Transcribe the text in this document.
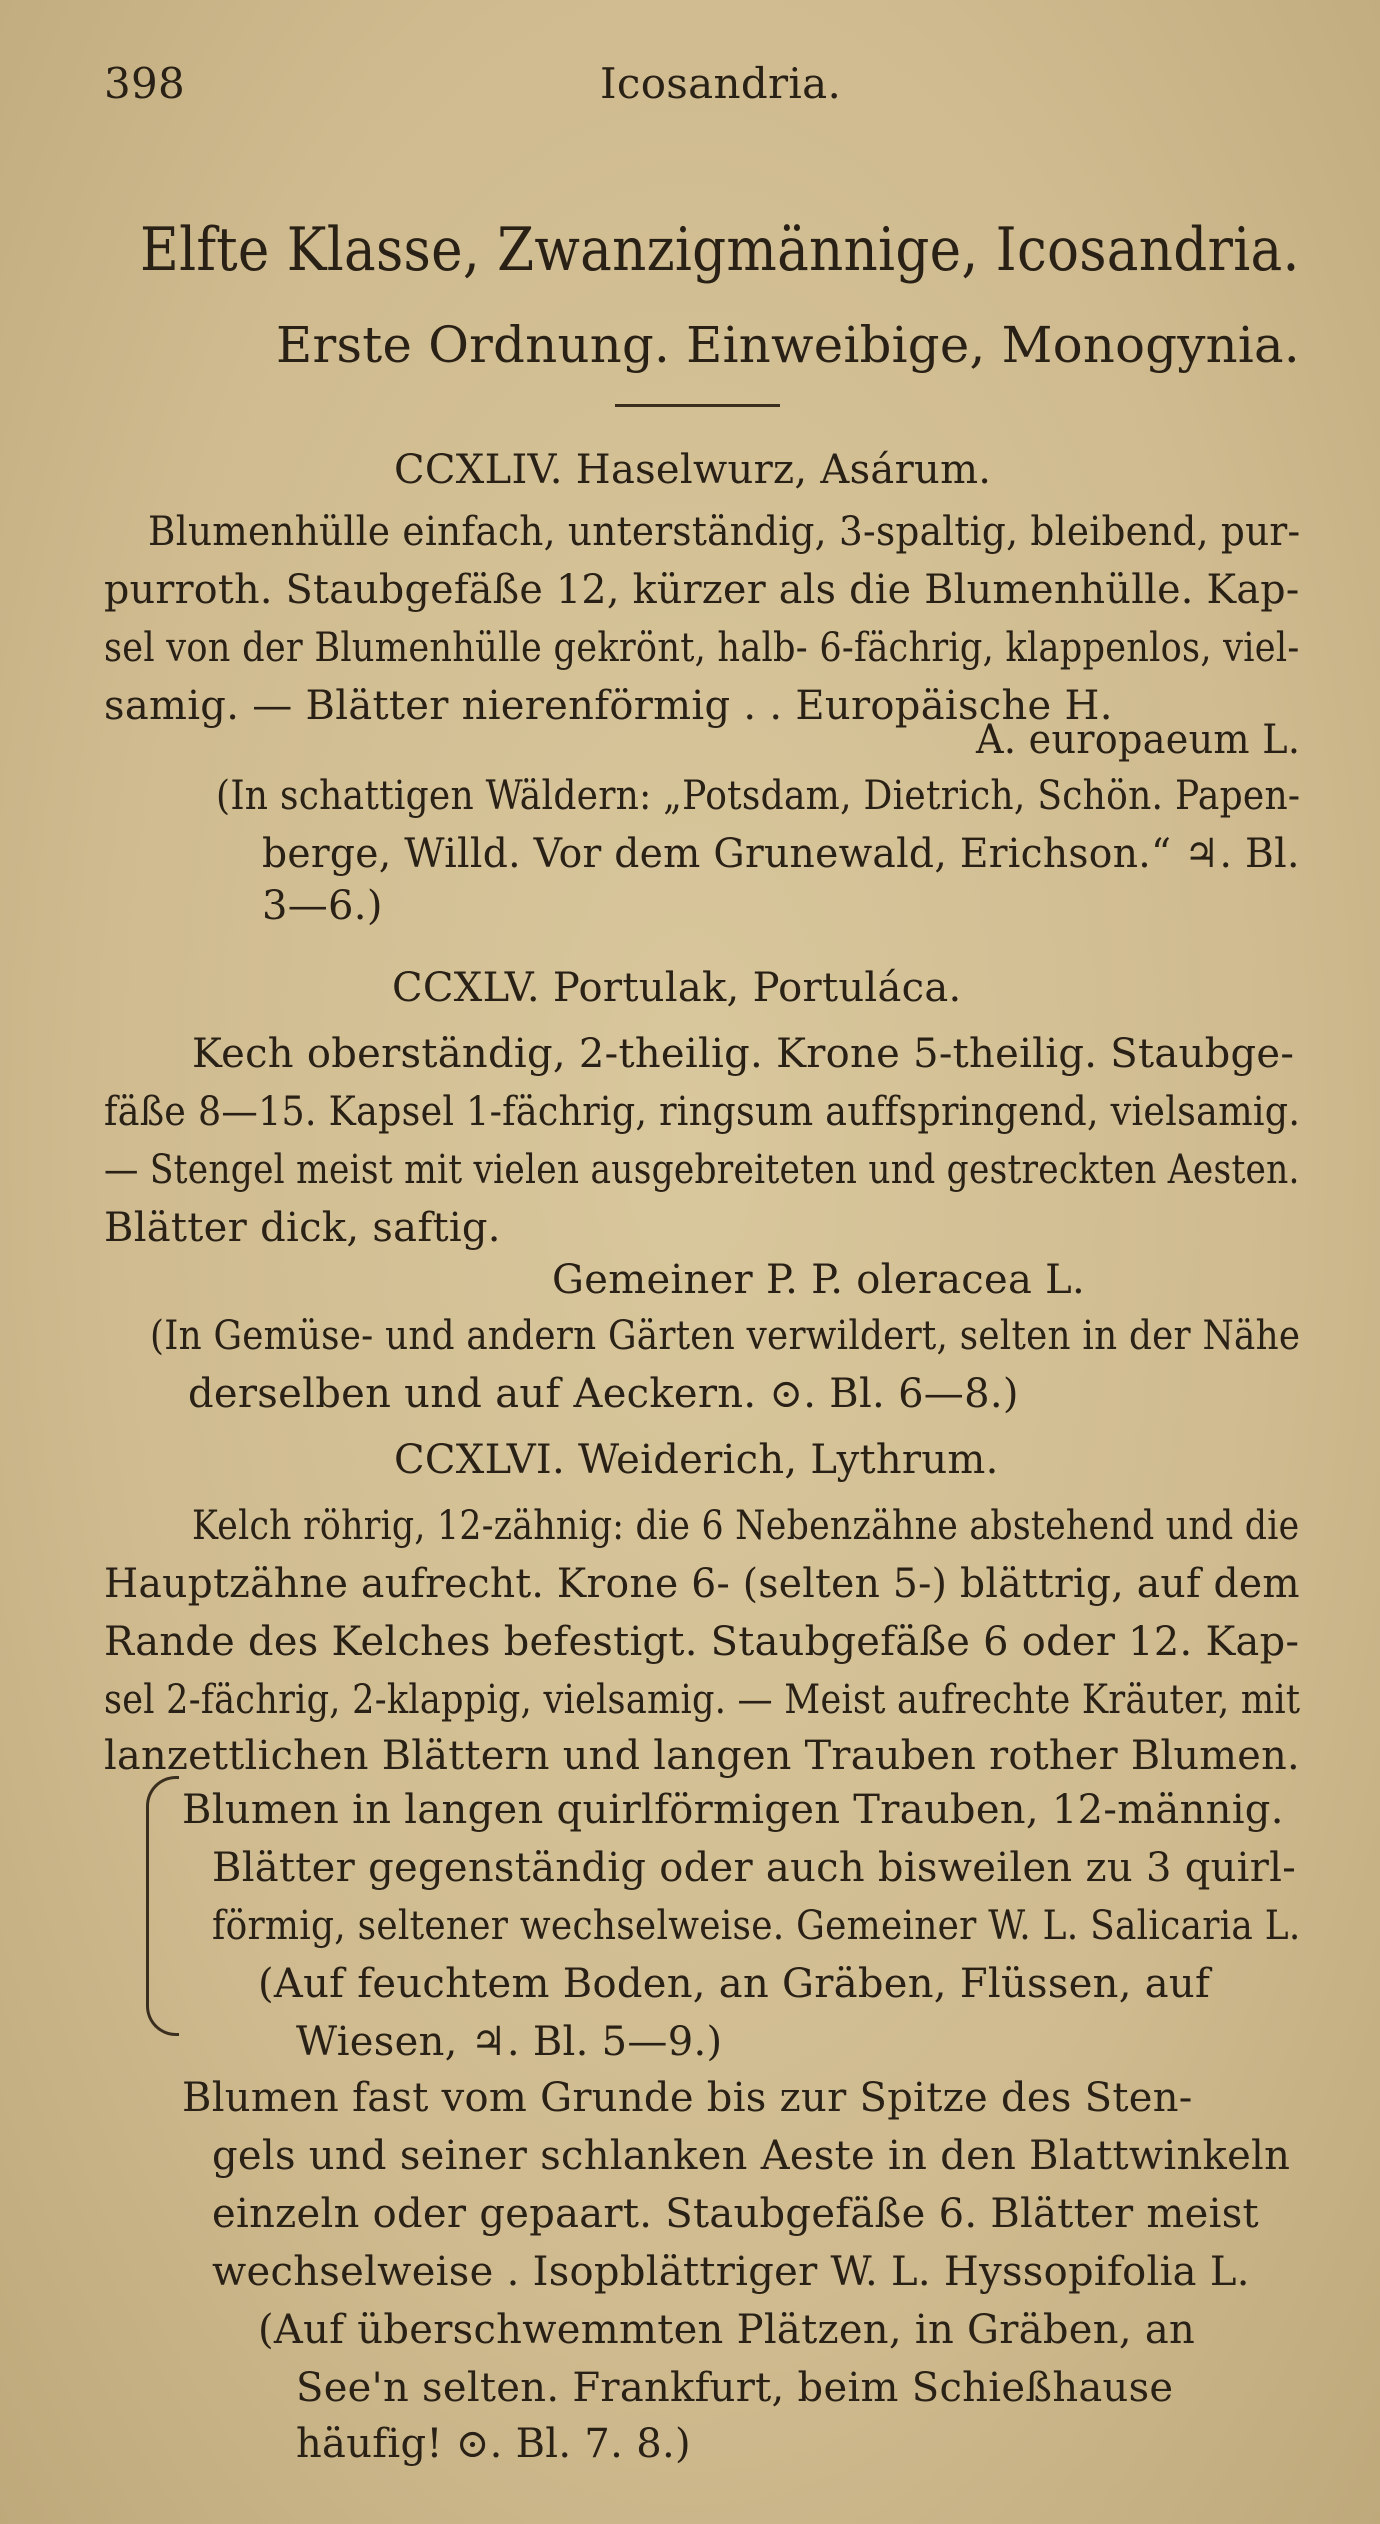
398	Icosandria.
Elfte Klasse, Zwanzigmännige, Icosandria.
Erste Ordnung. Einweibige, Monogynia.
CCXLIV. Haselwurz, Asárum.
Blumenhülle einfach, unterständig, 3-spaltig, bleibend, pur-
purroth. Staubgefäße 12, kürzer als die Blumenhülle. Kap-
sel von der Blumenhülle gekrönt, halb- 6-fächrig, klappenlos, viel-
samig. — Blätter nierenförmig . . Europäische H.
A. europaeum L.
(In schattigen Wäldern: „Potsdam, Dietrich, Schön. Papen-
berge, Willd. Vor dem Grunewald, Erichson.“ ♃. Bl.
3—6.)
CCXLV. Portulak, Portuláca.
Kech oberständig, 2-theilig. Krone 5-theilig. Staubge-
fäße 8—15. Kapsel 1-fächrig, ringsum auffspringend, vielsamig.
— Stengel meist mit vielen ausgebreiteten und gestreckten Aesten.
Blätter dick, saftig.
Gemeiner P. P. oleracea L.
(In Gemüse- und andern Gärten verwildert, selten in der Nähe
derselben und auf Aeckern. ⊙. Bl. 6—8.)
CCXLVI. Weiderich, Lythrum.
Kelch röhrig, 12-zähnig: die 6 Nebenzähne abstehend und die
Hauptzähne aufrecht. Krone 6- (selten 5-) blättrig, auf dem
Rande des Kelches befestigt. Staubgefäße 6 oder 12. Kap-
sel 2-fächrig, 2-klappig, vielsamig. — Meist aufrechte Kräuter, mit
lanzettlichen Blättern und langen Trauben rother Blumen.
Blumen in langen quirlförmigen Trauben, 12-männig.
Blätter gegenständig oder auch bisweilen zu 3 quirl-
förmig, seltener wechselweise. Gemeiner W. L. Salicaria L.
(Auf feuchtem Boden, an Gräben, Flüssen, auf
Wiesen, ♃. Bl. 5—9.)
Blumen fast vom Grunde bis zur Spitze des Sten-
gels und seiner schlanken Aeste in den Blattwinkeln
einzeln oder gepaart. Staubgefäße 6. Blätter meist
wechselweise . Isopblättriger W. L. Hyssopifolia L.
(Auf überschwemmten Plätzen, in Gräben, an
See'n selten. Frankfurt, beim Schießhause
häufig! ⊙. Bl. 7. 8.)
